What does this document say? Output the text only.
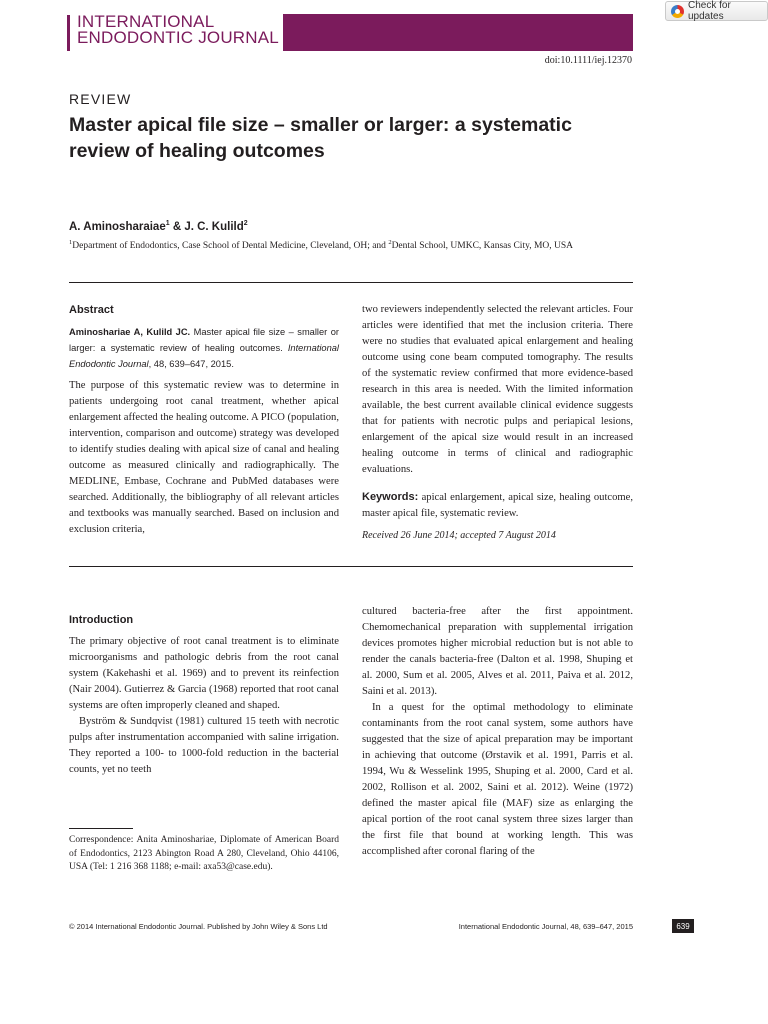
INTERNATIONAL
ENDODONTIC JOURNAL
Check for updates
doi:10.1111/iej.12370
REVIEW
Master apical file size – smaller or larger: a systematic review of healing outcomes
A. Aminosharaiae$^1$ & J. C. Kulild$^2$
$^1$Department of Endodontics, Case School of Dental Medicine, Cleveland, OH; and $^2$Dental School, UMKC, Kansas City, MO, USA
Abstract
Aminoshariae A, Kulild JC. Master apical file size – smaller or larger: a systematic review of healing outcomes. International Endodontic Journal, 48, 639–647, 2015.
The purpose of this systematic review was to determine in patients undergoing root canal treatment, whether apical enlargement affected the healing outcome. A PICO (population, intervention, comparison and outcome) strategy was developed to identify studies dealing with apical size of canal and healing outcome as measured clinically and radiographically. The MEDLINE, Embase, Cochrane and PubMed databases were searched. Additionally, the bibliography of all relevant articles and textbooks was manually searched. Based on inclusion and exclusion criteria,
two reviewers independently selected the relevant articles. Four articles were identified that met the inclusion criteria. There were no studies that evaluated apical enlargement and healing outcome using cone beam computed tomography. The results of the systematic review confirmed that more evidence-based research in this area is needed. With the limited information available, the best current available clinical evidence suggests that for patients with necrotic pulps and periapical lesions, enlargement of the apical size would result in an increased healing outcome in terms of clinical and radiographic evaluations.
Keywords: apical enlargement, apical size, healing outcome, master apical file, systematic review.
Received 26 June 2014; accepted 7 August 2014
Introduction
The primary objective of root canal treatment is to eliminate microorganisms and pathologic debris from the root canal system (Kakehashi et al. 1969) and to prevent its reinfection (Nair 2004). Gutierrez & Garcia (1968) reported that root canal systems are often improperly cleaned and shaped.
Byström & Sundqvist (1981) cultured 15 teeth with necrotic pulps after instrumentation accompanied with saline irrigation. They reported a 100- to 1000-fold reduction in the bacterial counts, yet no teeth
cultured bacteria-free after the first appointment. Chemomechanical preparation with supplemental irrigation devices promotes higher microbial reduction but is not able to render the canals bacteria-free (Dalton et al. 1998, Shuping et al. 2000, Sum et al. 2005, Alves et al. 2011, Paiva et al. 2012, Saini et al. 2013).
In a quest for the optimal methodology to eliminate contaminants from the root canal system, some authors have suggested that the size of apical preparation may be important in achieving that outcome (Ørstavik et al. 1991, Parris et al. 1994, Wu & Wesselink 1995, Shuping et al. 2000, Card et al. 2002, Rollison et al. 2002, Saini et al. 2012). Weine (1972) defined the master apical file (MAF) size as enlarging the apical portion of the root canal system three sizes larger than the first file that bound at working length. This was accomplished after coronal flaring of the
Correspondence: Anita Aminoshariae, Diplomate of American Board of Endodontics, 2123 Abington Road A 280, Cleveland, Ohio 44106, USA (Tel: 1 216 368 1188; e-mail: axa53@case.edu).
© 2014 International Endodontic Journal. Published by John Wiley & Sons Ltd	International Endodontic Journal, 48, 639–647, 2015	639
